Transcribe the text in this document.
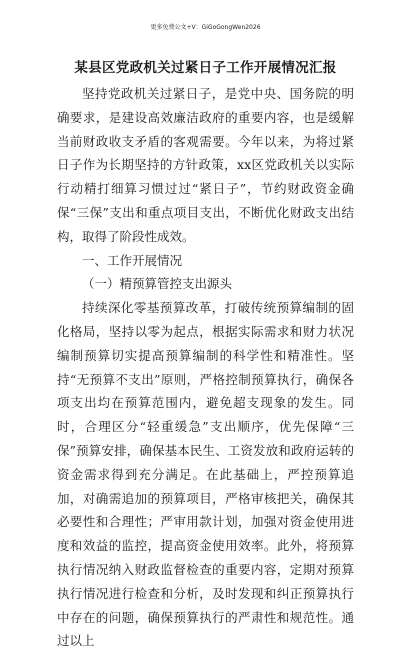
更多免费公文+V：GiGoGongWen2026
某县区党政机关过紧日子工作开展情况汇报

坚持党政机关过紧日子，是党中央、国务院的明确要求，是建设高效廉洁政府的重要内容，也是缓解当前财政收支矛盾的客观需要。今年以来，为将过紧日子作为长期坚持的方针政策，xx区党政机关以实际行动精打细算习惯过过“紧日子”，节约财政资金确保“三保”支出和重点项目支出，不断优化财政支出结构，取得了阶段性成效。

一、工作开展情况

（一）精预算管控支出源头

持续深化零基预算改革，打破传统预算编制的固化格局，坚持以零为起点，根据实际需求和财力状况编制预算切实提高预算编制的科学性和精准性。坚持“无预算不支出”原则，严格控制预算执行，确保各项支出均在预算范围内，避免超支现象的发生。同时，合理区分“轻重缓急”支出顺序，优先保障“三保”预算安排，确保基本民生、工资发放和政府运转的资金需求得到充分满足。在此基础上，严控预算追加，对确需追加的预算项目，严格审核把关，确保其必要性和合理性；严审用款计划，加强对资金使用进度和效益的监控，提高资金使用效率。此外，将预算执行情况纳入财政监督检查的重要内容，定期对预算执行情况进行检查和分析，及时发现和纠正预算执行中存在的问题，确保预算执行的严肃性和规范性。通过以上
